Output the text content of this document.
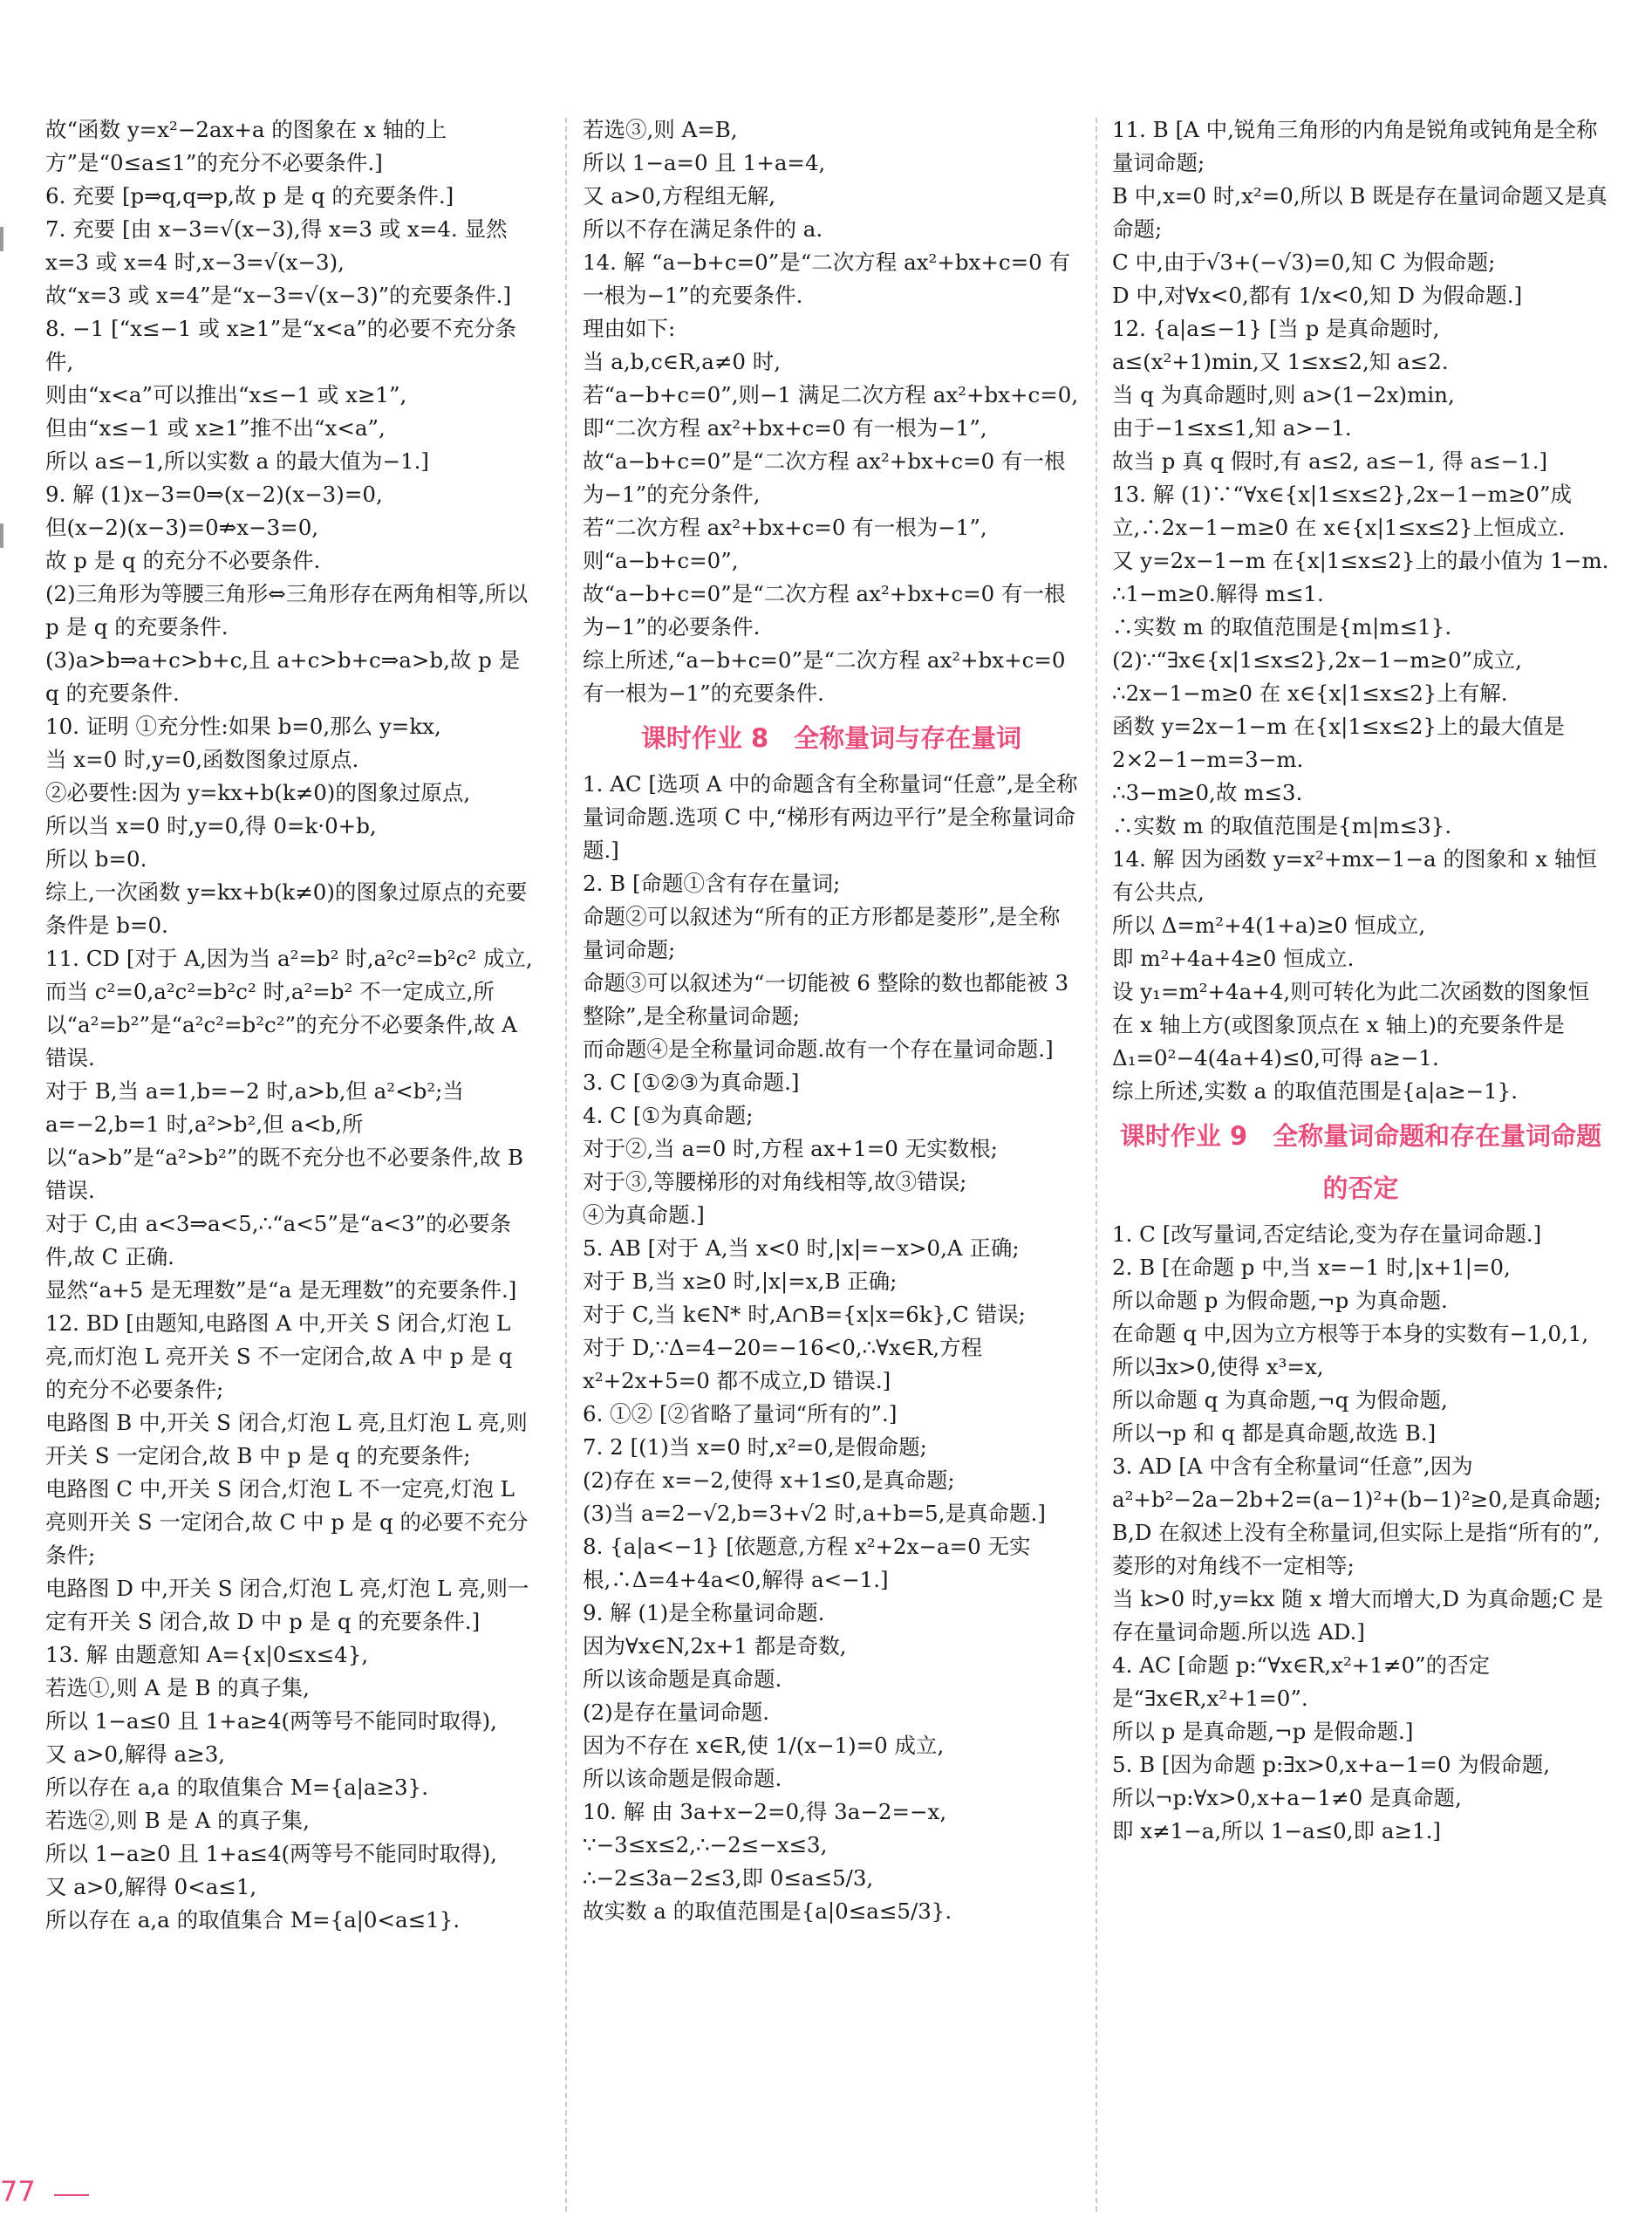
故“函数 y=x²−2ax+a 的图象在 x 轴的上方”是“0≤a≤1”的充分不必要条件.]
6. 充要 [p⇒q,q⇒p,故 p 是 q 的充要条件.]
7. 充要 [由 x−3=√(x−3),得 x=3 或 x=4. 显然 x=3 或 x=4 时,x−3=√(x−3),
故“x=3 或 x=4”是“x−3=√(x−3)”的充要条件.]
8. −1 [“x≤−1 或 x≥1”是“x<a”的必要不充分条件,
则由“x<a”可以推出“x≤−1 或 x≥1”,
但由“x≤−1 或 x≥1”推不出“x<a”,
所以 a≤−1,所以实数 a 的最大值为−1.]
9. 解 (1)x−3=0⇒(x−2)(x−3)=0,
但(x−2)(x−3)=0⇏x−3=0,
故 p 是 q 的充分不必要条件.
(2)三角形为等腰三角形⇔三角形存在两角相等,所以 p 是 q 的充要条件.
(3)a>b⇒a+c>b+c,且 a+c>b+c⇒a>b,故 p 是 q 的充要条件.
10. 证明 ①充分性:如果 b=0,那么 y=kx,
当 x=0 时,y=0,函数图象过原点.
②必要性:因为 y=kx+b(k≠0)的图象过原点,
所以当 x=0 时,y=0,得 0=k·0+b,
所以 b=0.
综上,一次函数 y=kx+b(k≠0)的图象过原点的充要条件是 b=0.
11. CD [对于 A,因为当 a²=b² 时,a²c²=b²c² 成立,而当 c²=0,a²c²=b²c² 时,a²=b² 不一定成立,所以“a²=b²”是“a²c²=b²c²”的充分不必要条件,故 A 错误.
对于 B,当 a=1,b=−2 时,a>b,但 a²<b²;当 a=−2,b=1 时,a²>b²,但 a<b,所以“a>b”是“a²>b²”的既不充分也不必要条件,故 B 错误.
对于 C,由 a<3⇒a<5,∴“a<5”是“a<3”的必要条件,故 C 正确.
显然“a+5 是无理数”是“a 是无理数”的充要条件.]
12. BD [由题知,电路图 A 中,开关 S 闭合,灯泡 L 亮,而灯泡 L 亮开关 S 不一定闭合,故 A 中 p 是 q 的充分不必要条件;
电路图 B 中,开关 S 闭合,灯泡 L 亮,且灯泡 L 亮,则开关 S 一定闭合,故 B 中 p 是 q 的充要条件;
电路图 C 中,开关 S 闭合,灯泡 L 不一定亮,灯泡 L 亮则开关 S 一定闭合,故 C 中 p 是 q 的必要不充分条件;
电路图 D 中,开关 S 闭合,灯泡 L 亮,灯泡 L 亮,则一定有开关 S 闭合,故 D 中 p 是 q 的充要条件.]
13. 解 由题意知 A={x|0≤x≤4},
若选①,则 A 是 B 的真子集,
所以 1−a≤0 且 1+a≥4(两等号不能同时取得),
又 a>0,解得 a≥3,
所以存在 a,a 的取值集合 M={a|a≥3}.
若选②,则 B 是 A 的真子集,
所以 1−a≥0 且 1+a≤4(两等号不能同时取得),
又 a>0,解得 0<a≤1,
所以存在 a,a 的取值集合 M={a|0<a≤1}.
若选③,则 A=B,
所以 1−a=0 且 1+a=4,
又 a>0,方程组无解,
所以不存在满足条件的 a.
14. 解 “a−b+c=0”是“二次方程 ax²+bx+c=0 有一根为−1”的充要条件.
理由如下:
当 a,b,c∈R,a≠0 时,
若“a−b+c=0”,则−1 满足二次方程 ax²+bx+c=0,
即“二次方程 ax²+bx+c=0 有一根为−1”,
故“a−b+c=0”是“二次方程 ax²+bx+c=0 有一根为−1”的充分条件,
若“二次方程 ax²+bx+c=0 有一根为−1”,
则“a−b+c=0”,
故“a−b+c=0”是“二次方程 ax²+bx+c=0 有一根为−1”的必要条件.
综上所述,“a−b+c=0”是“二次方程 ax²+bx+c=0 有一根为−1”的充要条件.
课时作业 8　全称量词与存在量词
1. AC [选项 A 中的命题含有全称量词“任意”,是全称量词命题.选项 C 中,“梯形有两边平行”是全称量词命题.]
2. B [命题①含有存在量词;
命题②可以叙述为“所有的正方形都是菱形”,是全称量词命题;
命题③可以叙述为“一切能被 6 整除的数也都能被 3 整除”,是全称量词命题;
而命题④是全称量词命题.故有一个存在量词命题.]
3. C [①②③为真命题.]
4. C [①为真命题;
对于②,当 a=0 时,方程 ax+1=0 无实数根;
对于③,等腰梯形的对角线相等,故③错误;
④为真命题.]
5. AB [对于 A,当 x<0 时,|x|=−x>0,A 正确;
对于 B,当 x≥0 时,|x|=x,B 正确;
对于 C,当 k∈N* 时,A∩B={x|x=6k},C 错误;
对于 D,∵Δ=4−20=−16<0,∴∀x∈R,方程 x²+2x+5=0 都不成立,D 错误.]
6. ①② [②省略了量词“所有的”.]
7. 2 [(1)当 x=0 时,x²=0,是假命题;
(2)存在 x=−2,使得 x+1≤0,是真命题;
(3)当 a=2−√2,b=3+√2 时,a+b=5,是真命题.]
8. {a|a<−1} [依题意,方程 x²+2x−a=0 无实根,∴Δ=4+4a<0,解得 a<−1.]
9. 解 (1)是全称量词命题.
因为∀x∈N,2x+1 都是奇数,
所以该命题是真命题.
(2)是存在量词命题.
因为不存在 x∈R,使 1/(x−1)=0 成立,
所以该命题是假命题.
10. 解 由 3a+x−2=0,得 3a−2=−x,
∵−3≤x≤2,∴−2≤−x≤3,
∴−2≤3a−2≤3,即 0≤a≤5/3,
故实数 a 的取值范围是{a|0≤a≤5/3}.
11. B [A 中,锐角三角形的内角是锐角或钝角是全称量词命题;
B 中,x=0 时,x²=0,所以 B 既是存在量词命题又是真命题;
C 中,由于√3+(−√3)=0,知 C 为假命题;
D 中,对∀x<0,都有 1/x<0,知 D 为假命题.]
12. {a|a≤−1} [当 p 是真命题时,
a≤(x²+1)min,又 1≤x≤2,知 a≤2.
当 q 为真命题时,则 a>(1−2x)min,
由于−1≤x≤1,知 a>−1.
故当 p 真 q 假时,有 a≤2, a≤−1, 得 a≤−1.]
13. 解 (1)∵“∀x∈{x|1≤x≤2},2x−1−m≥0”成立,∴2x−1−m≥0 在 x∈{x|1≤x≤2}上恒成立.
又 y=2x−1−m 在{x|1≤x≤2}上的最小值为 1−m.
∴1−m≥0.解得 m≤1.
∴实数 m 的取值范围是{m|m≤1}.
(2)∵“∃x∈{x|1≤x≤2},2x−1−m≥0”成立,
∴2x−1−m≥0 在 x∈{x|1≤x≤2}上有解.
函数 y=2x−1−m 在{x|1≤x≤2}上的最大值是 2×2−1−m=3−m.
∴3−m≥0,故 m≤3.
∴实数 m 的取值范围是{m|m≤3}.
14. 解 因为函数 y=x²+mx−1−a 的图象和 x 轴恒有公共点,
所以 Δ=m²+4(1+a)≥0 恒成立,
即 m²+4a+4≥0 恒成立.
设 y₁=m²+4a+4,则可转化为此二次函数的图象恒在 x 轴上方(或图象顶点在 x 轴上)的充要条件是 Δ₁=0²−4(4a+4)≤0,可得 a≥−1.
综上所述,实数 a 的取值范围是{a|a≥−1}.
课时作业 9　全称量词命题和存在量词命题的否定
1. C [改写量词,否定结论,变为存在量词命题.]
2. B [在命题 p 中,当 x=−1 时,|x+1|=0,
所以命题 p 为假命题,¬p 为真命题.
在命题 q 中,因为立方根等于本身的实数有−1,0,1,所以∃x>0,使得 x³=x,
所以命题 q 为真命题,¬q 为假命题,
所以¬p 和 q 都是真命题,故选 B.]
3. AD [A 中含有全称量词“任意”,因为 a²+b²−2a−2b+2=(a−1)²+(b−1)²≥0,是真命题;
B,D 在叙述上没有全称量词,但实际上是指“所有的”,菱形的对角线不一定相等;
当 k>0 时,y=kx 随 x 增大而增大,D 为真命题;C 是存在量词命题.所以选 AD.]
4. AC [命题 p:“∀x∈R,x²+1≠0”的否定是“∃x∈R,x²+1=0”.
所以 p 是真命题,¬p 是假命题.]
5. B [因为命题 p:∃x>0,x+a−1=0 为假命题,
所以¬p:∀x>0,x+a−1≠0 是真命题,
即 x≠1−a,所以 1−a≤0,即 a≥1.]
77
